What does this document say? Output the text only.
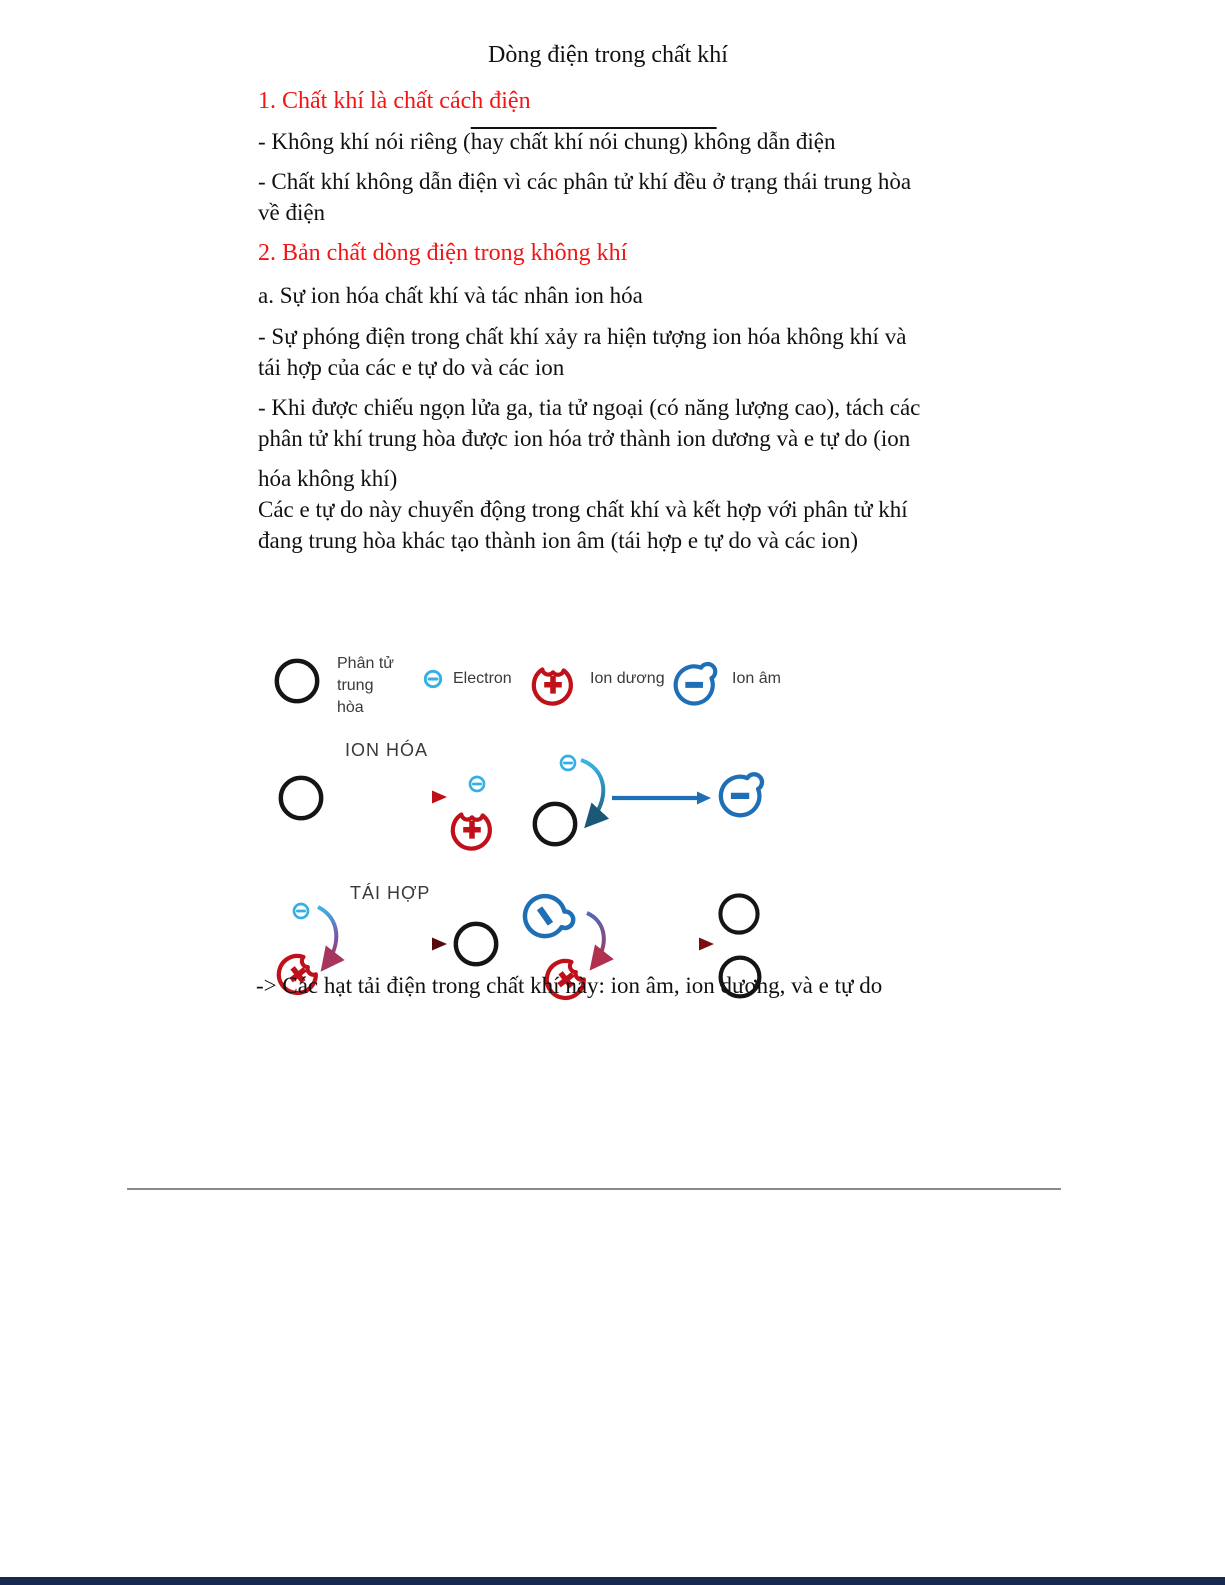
Dòng điện trong chất khí
1. Chất khí là chất cách điện
- Không khí nói riêng (hay chất khí nói chung) không dẫn điện
- Chất khí không dẫn điện vì các phân tử khí đều ở trạng thái trung hòa
về điện
2. Bản chất dòng điện trong không khí
a. Sự ion hóa chất khí và tác nhân ion hóa
- Sự phóng điện trong chất khí xảy ra hiện tượng ion hóa không khí và
tái hợp của các e tự do và các ion
- Khi được chiếu ngọn lửa ga, tia tử ngoại (có năng lượng cao), tách các
phân tử khí trung hòa được ion hóa trở thành ion dương và e tự do (ion
hóa không khí)
Các e tự do này chuyển động trong chất khí và kết hợp với phân tử khí
đang trung hòa khác tạo thành ion âm (tái hợp e tự do và các ion)
Phân tử
trung
hòa
Electron	Ion dương	Ion âm
ION HÓA
TÁI HỢP
-> Các hạt tải điện trong chất khí này: ion âm, ion dương, và e tự do
